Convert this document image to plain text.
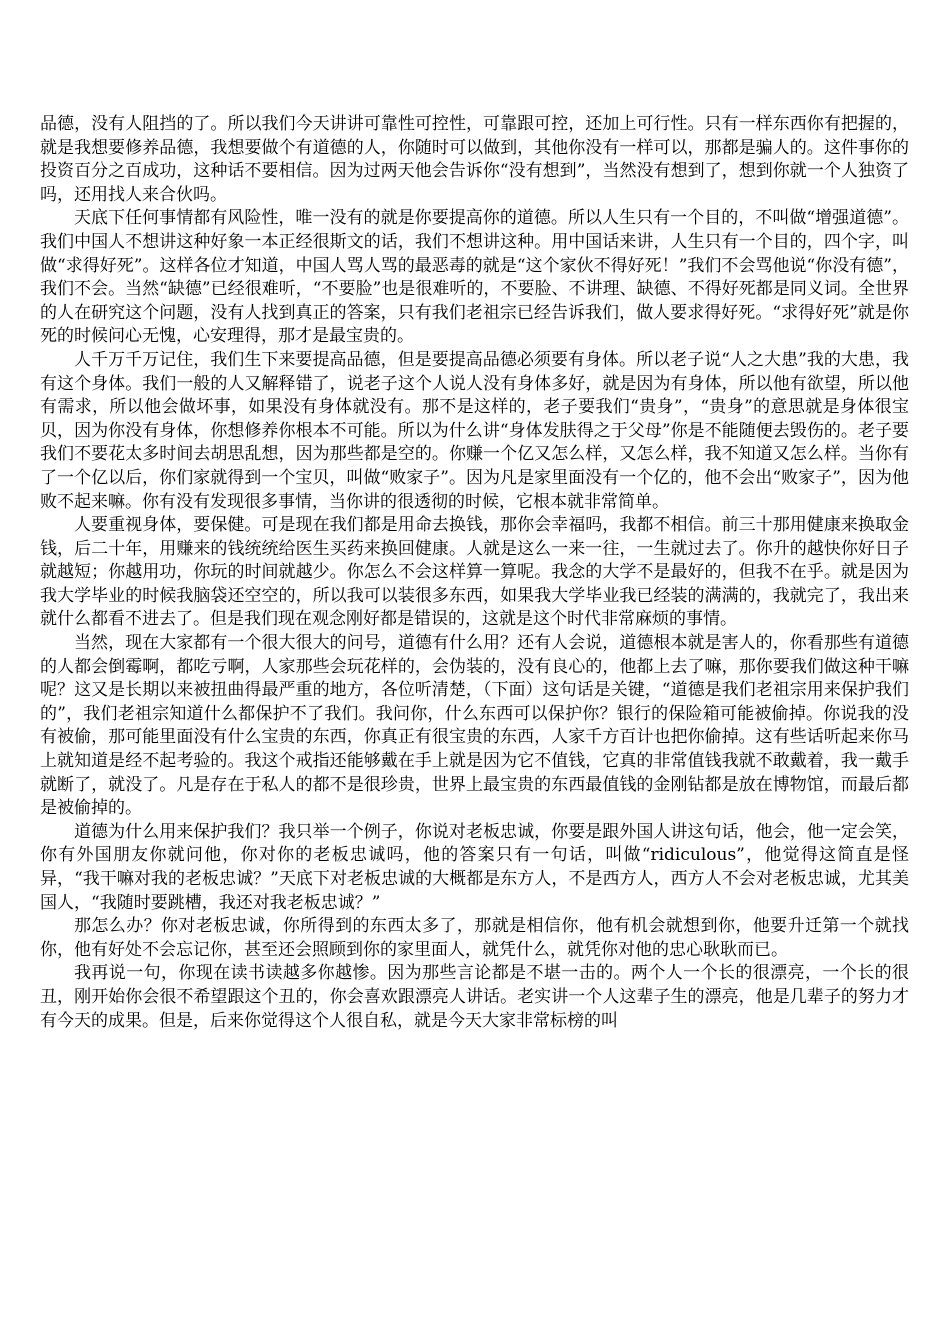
品德，没有人阻挡的了。所以我们今天讲讲可靠性可控性，可靠跟可控，还加上可行性。只有一样东西你有把握的，就是我想要修养品德，我想要做个有道德的人，你随时可以做到，其他你没有一样可以，那都是骗人的。这件事你的投资百分之百成功，这种话不要相信。因为过两天他会告诉你“没有想到”，当然没有想到了，想到你就一个人独资了吗，还用找人来合伙吗。

天底下任何事情都有风险性，唯一没有的就是你要提高你的道德。所以人生只有一个目的，不叫做“增强道德”。我们中国人不想讲这种好象一本正经很斯文的话，我们不想讲这种。用中国话来讲，人生只有一个目的，四个字，叫做“求得好死”。这样各位才知道，中国人骂人骂的最恶毒的就是“这个家伙不得好死！”我们不会骂他说“你没有德”，我们不会。当然“缺德”已经很难听，“不要脸”也是很难听的，不要脸、不讲理、缺德、不得好死都是同义词。全世界的人在研究这个问题，没有人找到真正的答案，只有我们老祖宗已经告诉我们，做人要求得好死。“求得好死”就是你死的时候问心无愧，心安理得，那才是最宝贵的。

人千万千万记住，我们生下来要提高品德，但是要提高品德必须要有身体。所以老子说“人之大患”我的大患，我有这个身体。我们一般的人又解释错了，说老子这个人说人没有身体多好，就是因为有身体，所以他有欲望，所以他有需求，所以他会做坏事，如果没有身体就没有。那不是这样的，老子要我们“贵身”，“贵身”的意思就是身体很宝贝，因为你没有身体，你想修养你根本不可能。所以为什么讲“身体发肤得之于父母”你是不能随便去毁伤的。老子要我们不要花太多时间去胡思乱想，因为那些都是空的。你赚一个亿又怎么样，又怎么样，我不知道又怎么样。当你有了一个亿以后，你们家就得到一个宝贝，叫做“败家子”。因为凡是家里面没有一个亿的，他不会出“败家子”，因为他败不起来嘛。你有没有发现很多事情，当你讲的很透彻的时候，它根本就非常简单。

人要重视身体，要保健。可是现在我们都是用命去换钱，那你会幸福吗，我都不相信。前三十那用健康来换取金钱，后二十年，用赚来的钱统统给医生买药来换回健康。人就是这么一来一往，一生就过去了。你升的越快你好日子就越短；你越用功，你玩的时间就越少。你怎么不会这样算一算呢。我念的大学不是最好的，但我不在乎。就是因为我大学毕业的时候我脑袋还空空的，所以我可以装很多东西，如果我大学毕业我已经装的满满的，我就完了，我出来就什么都看不进去了。但是我们现在观念刚好都是错误的，这就是这个时代非常麻烦的事情。

当然，现在大家都有一个很大很大的问号，道德有什么用？还有人会说，道德根本就是害人的，你看那些有道德的人都会倒霉啊，都吃亏啊，人家那些会玩花样的，会伪装的，没有良心的，他都上去了嘛，那你要我们做这种干嘛呢？这又是长期以来被扭曲得最严重的地方，各位听清楚，（下面）这句话是关键，“道德是我们老祖宗用来保护我们的”，我们老祖宗知道什么都保护不了我们。我问你，什么东西可以保护你？银行的保险箱可能被偷掉。你说我的没有被偷，那可能里面没有什么宝贵的东西，你真正有很宝贵的东西，人家千方百计也把你偷掉。这有些话听起来你马上就知道是经不起考验的。我这个戒指还能够戴在手上就是因为它不值钱，它真的非常值钱我就不敢戴着，我一戴手就断了，就没了。凡是存在于私人的都不是很珍贵，世界上最宝贵的东西最值钱的金刚钻都是放在博物馆，而最后都是被偷掉的。

道德为什么用来保护我们？我只举一个例子，你说对老板忠诚，你要是跟外国人讲这句话，他会，他一定会笑，你有外国朋友你就问他，你对你的老板忠诚吗，他的答案只有一句话，叫做“ridiculous”，他觉得这简直是怪异，“我干嘛对我的老板忠诚？”天底下对老板忠诚的大概都是东方人，不是西方人，西方人不会对老板忠诚，尤其美国人，“我随时要跳槽，我还对我老板忠诚？”

那怎么办？你对老板忠诚，你所得到的东西太多了，那就是相信你，他有机会就想到你，他要升迁第一个就找你，他有好处不会忘记你，甚至还会照顾到你的家里面人，就凭什么，就凭你对他的忠心耿耿而已。

我再说一句，你现在读书读越多你越惨。因为那些言论都是不堪一击的。两个人一个长的很漂亮，一个长的很丑，刚开始你会很不希望跟这个丑的，你会喜欢跟漂亮人讲话。老实讲一个人这辈子生的漂亮，他是几辈子的努力才有今天的成果。但是，后来你觉得这个人很自私，就是今天大家非常标榜的叫
